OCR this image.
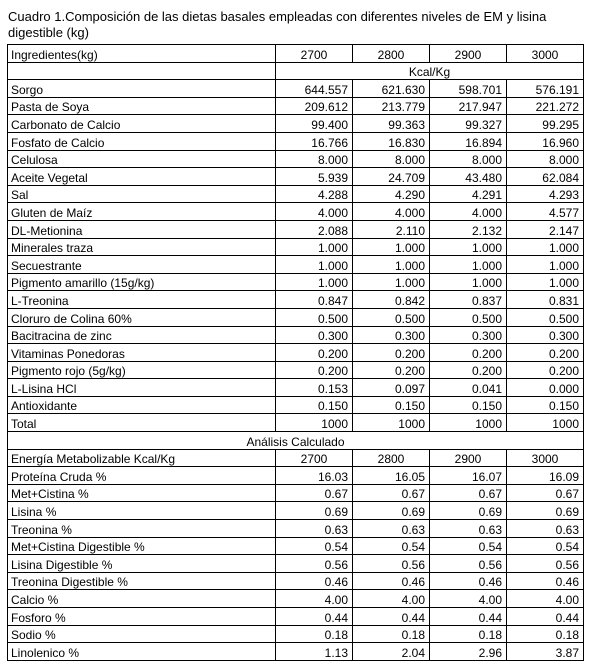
Cuadro 1.Composición de las dietas basales empleadas con diferentes niveles de EM y lisina digestible (kg)
Ingredientes(kg)	2700	2800	2900	3000
	Kcal/Kg			
Sorgo	644.557	621.630	598.701	576.191
Pasta de Soya	209.612	213.779	217.947	221.272
Carbonato de Calcio	99.400	99.363	99.327	99.295
Fosfato de Calcio	16.766	16.830	16.894	16.960
Celulosa	8.000	8.000	8.000	8.000
Aceite Vegetal	5.939	24.709	43.480	62.084
Sal	4.288	4.290	4.291	4.293
Gluten de Maíz	4.000	4.000	4.000	4.577
DL-Metionina	2.088	2.110	2.132	2.147
Minerales traza	1.000	1.000	1.000	1.000
Secuestrante	1.000	1.000	1.000	1.000
Pigmento amarillo (15g/kg)	1.000	1.000	1.000	1.000
L-Treonina	0.847	0.842	0.837	0.831
Cloruro de Colina 60%	0.500	0.500	0.500	0.500
Bacitracina de zinc	0.300	0.300	0.300	0.300
Vitaminas Ponedoras	0.200	0.200	0.200	0.200
Pigmento rojo (5g/kg)	0.200	0.200	0.200	0.200
L-Lisina HCl	0.153	0.097	0.041	0.000
Antioxidante	0.150	0.150	0.150	0.150
Total	1000	1000	1000	1000
Análisis Calculado				
Energía Metabolizable Kcal/Kg	2700	2800	2900	3000
Proteína Cruda %	16.03	16.05	16.07	16.09
Met+Cistina %	0.67	0.67	0.67	0.67
Lisina %	0.69	0.69	0.69	0.69
Treonina %	0.63	0.63	0.63	0.63
Met+Cistina Digestible %	0.54	0.54	0.54	0.54
Lisina Digestible %	0.56	0.56	0.56	0.56
Treonina Digestible %	0.46	0.46	0.46	0.46
Calcio %	4.00	4.00	4.00	4.00
Fosforo %	0.44	0.44	0.44	0.44
Sodio %	0.18	0.18	0.18	0.18
Linolenico %	1.13	2.04	2.96	3.87
